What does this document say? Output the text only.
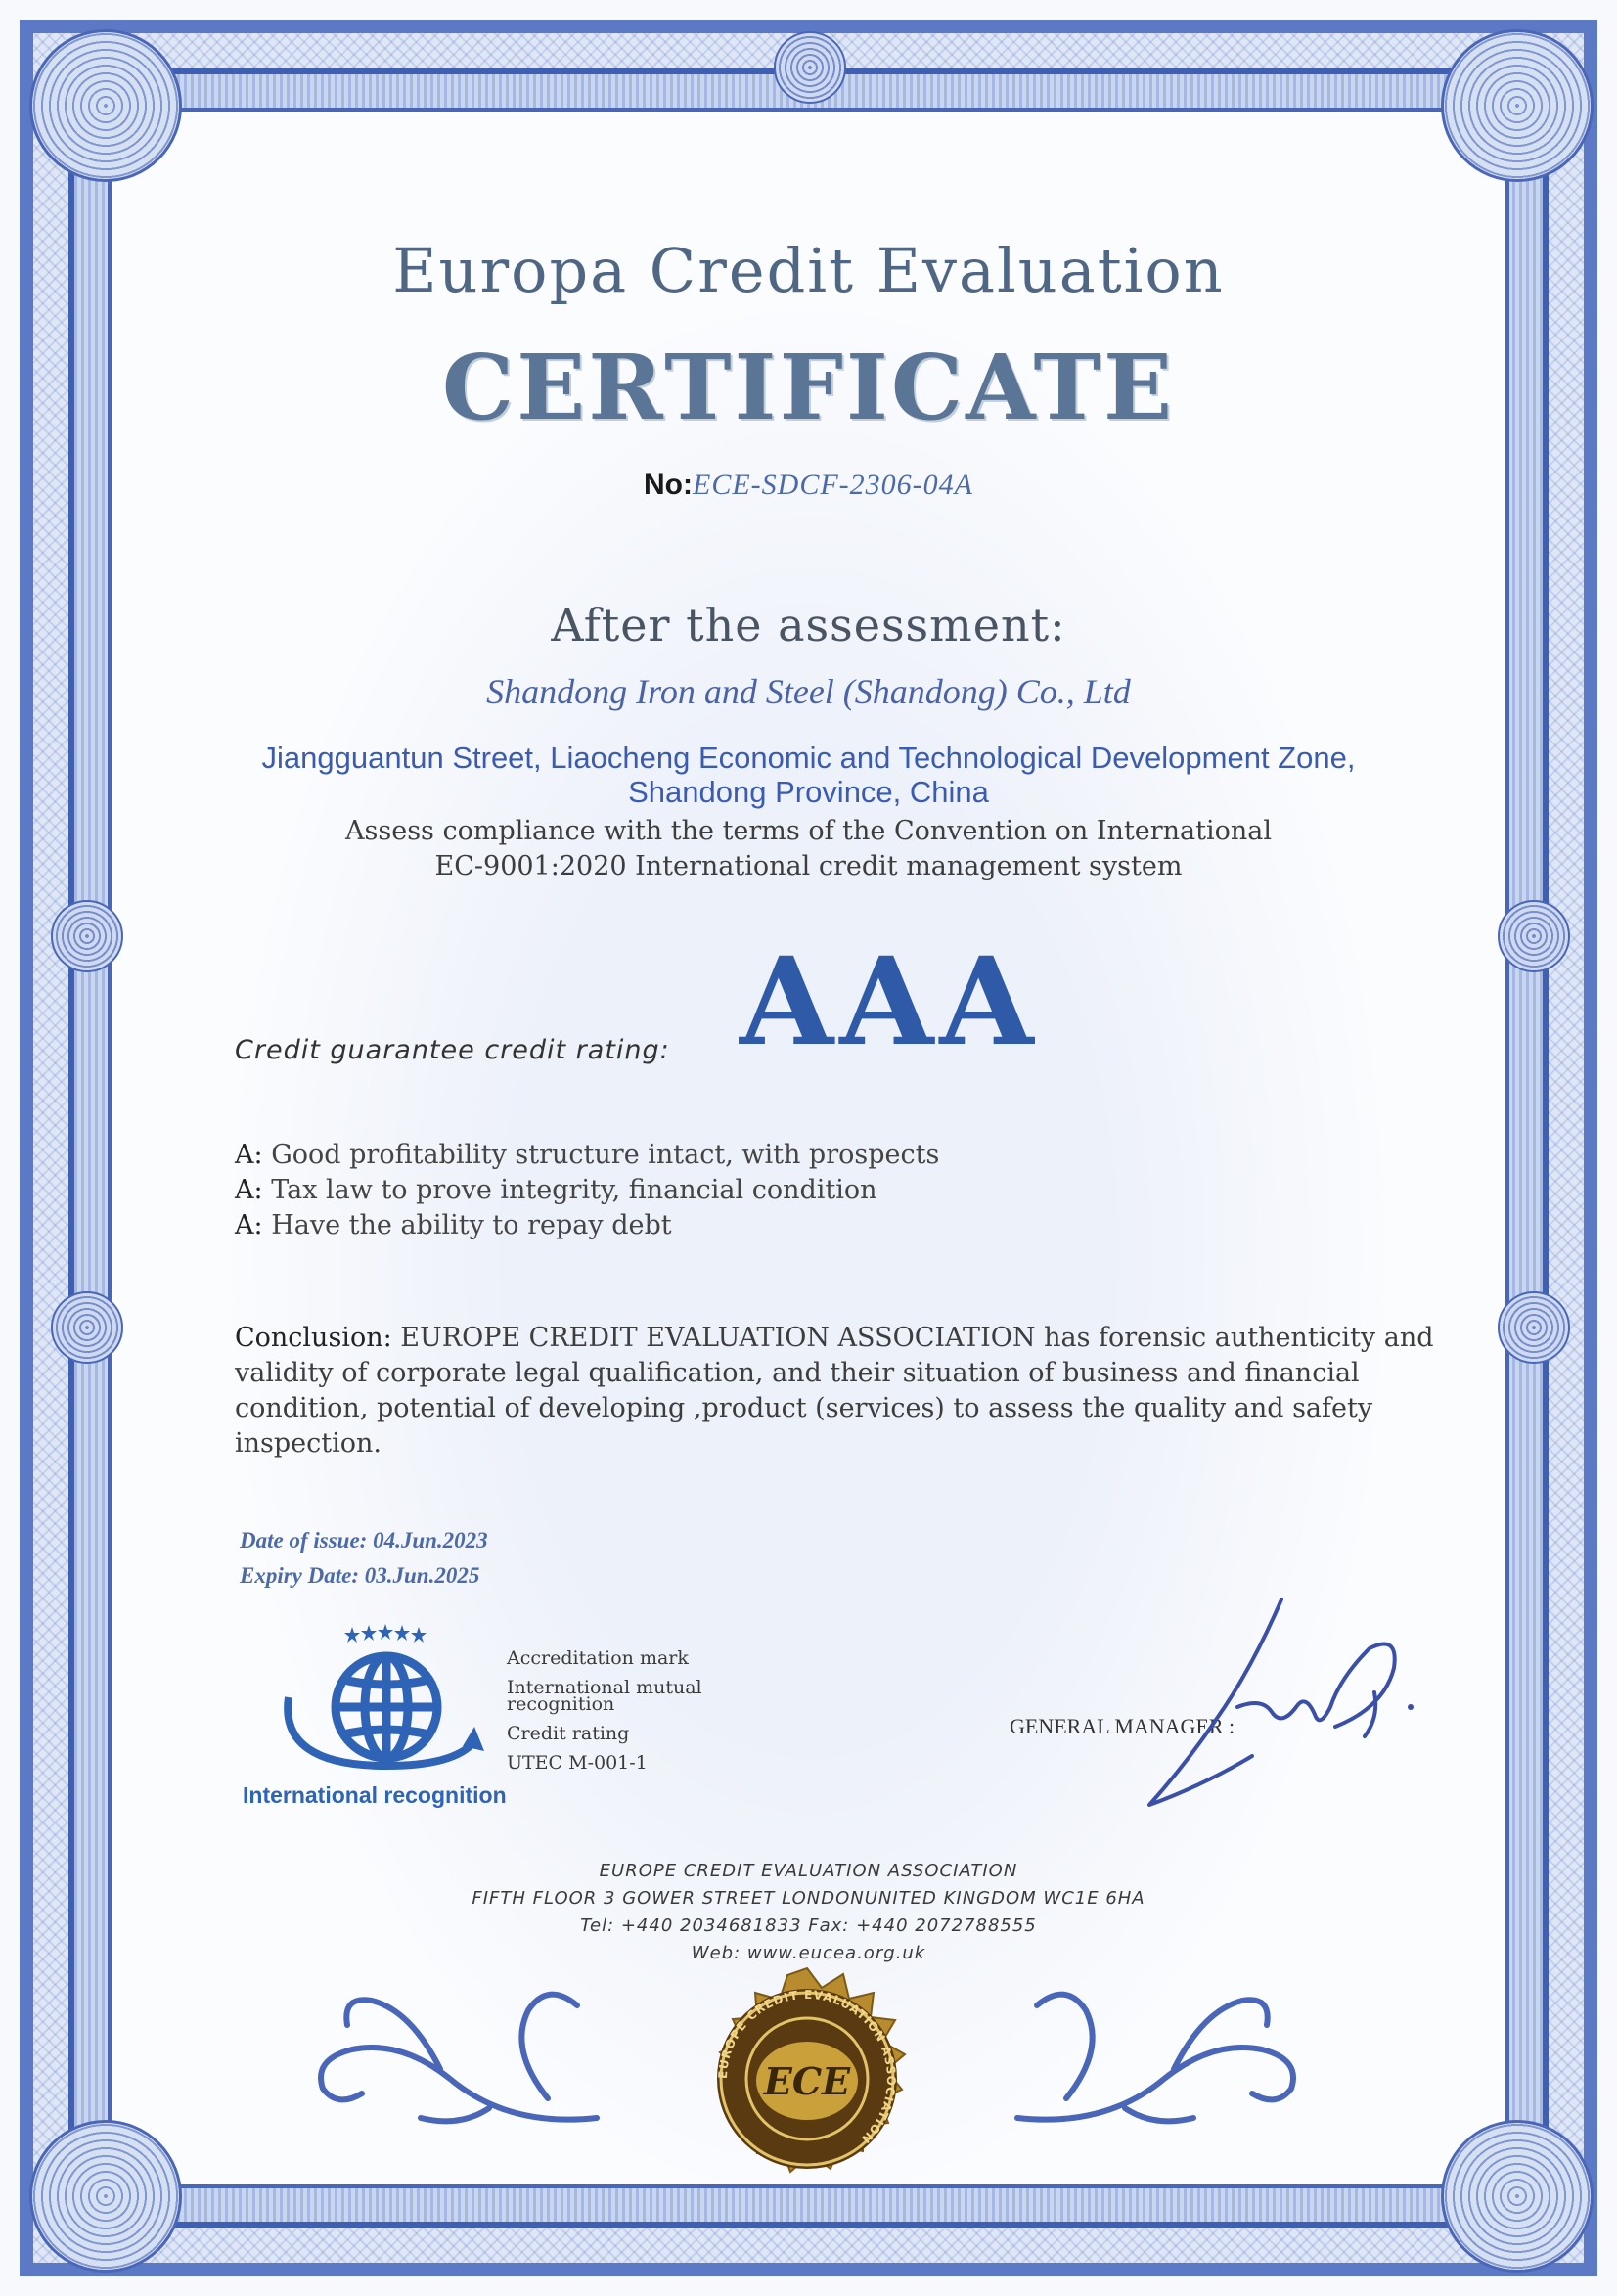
Europa Credit Evaluation
CERTIFICATE
No:ECE-SDCF-2306-04A
After the assessment:
Shandong Iron and Steel (Shandong) Co., Ltd
Jiangguantun Street, Liaocheng Economic and Technological Development Zone,
Shandong Province, China
Assess compliance with the terms of the Convention on International
EC-9001:2020 International credit management system
Credit guarantee credit rating: AAA
A: Good profitability structure intact, with prospects
A: Tax law to prove integrity, financial condition
A: Have the ability to repay debt
Conclusion: EUROPE CREDIT EVALUATION ASSOCIATION has forensic authenticity and validity of corporate legal qualification, and their situation of business and financial condition, potential of developing ,product (services) to assess the quality and safety inspection.
Date of issue: 04.Jun.2023
Expiry Date: 03.Jun.2025
International recognition
Accreditation mark
International mutual
recognition
Credit rating
UTEC M-001-1
GENERAL MANAGER :
EUROPE CREDIT EVALUATION ASSOCIATION
FIFTH FLOOR 3 GOWER STREET LONDONUNITED KINGDOM WC1E 6HA
Tel: +440 2034681833 Fax: +440 2072788555
Web: www.eucea.org.uk
EUROPE CREDIT EVALUATION ASSOCIATION
ECE
